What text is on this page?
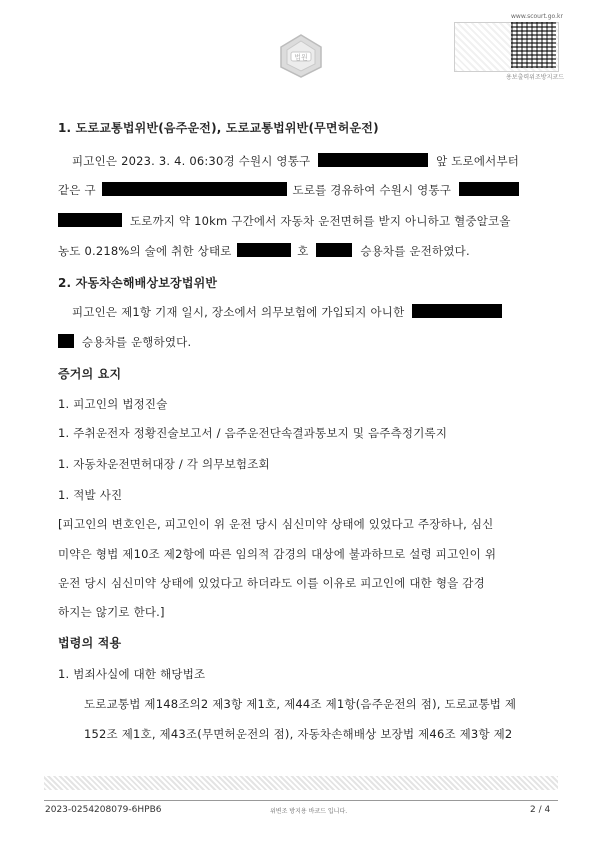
법원
www.scourt.go.kr
용보출력위조방지코드
1. 도로교통법위반(음주운전), 도로교통법위반(무면허운전)
피고인은 2023. 3. 4. 06:30경 수원시 영통구	앞 도로에서부터
같은 구	도로를 경유하여 수원시 영통구
도로까지 약 10km 구간에서 자동차 운전면허를 받지 아니하고 혈중알코올
농도 0.218%의 술에 취한 상태로	호	승용차를 운전하였다.
2. 자동차손해배상보장법위반
피고인은 제1항 기재 일시, 장소에서 의무보험에 가입되지 아니한
승용차를 운행하였다.
증거의 요지
1. 피고인의 법정진술
1. 주취운전자 정황진술보고서 / 음주운전단속결과통보지 및 음주측정기록지
1. 자동차운전면허대장 / 각 의무보험조회
1. 적발 사진
[피고인의 변호인은, 피고인이 위 운전 당시 심신미약 상태에 있었다고 주장하나, 심신
미약은 형법 제10조 제2항에 따른 임의적 감경의 대상에 불과하므로 설령 피고인이 위
운전 당시 심신미약 상태에 있었다고 하더라도 이를 이유로 피고인에 대한 형을 감경
하지는 않기로 한다.]
법령의 적용
1. 범죄사실에 대한 해당법조
도로교통법 제148조의2 제3항 제1호, 제44조 제1항(음주운전의 점), 도로교통법 제
152조 제1호, 제43조(무면허운전의 점), 자동차손해배상 보장법 제46조 제3항 제2
2023-0254208079-6HPB6	위변조 방지용 바코드 입니다.	2 / 4
